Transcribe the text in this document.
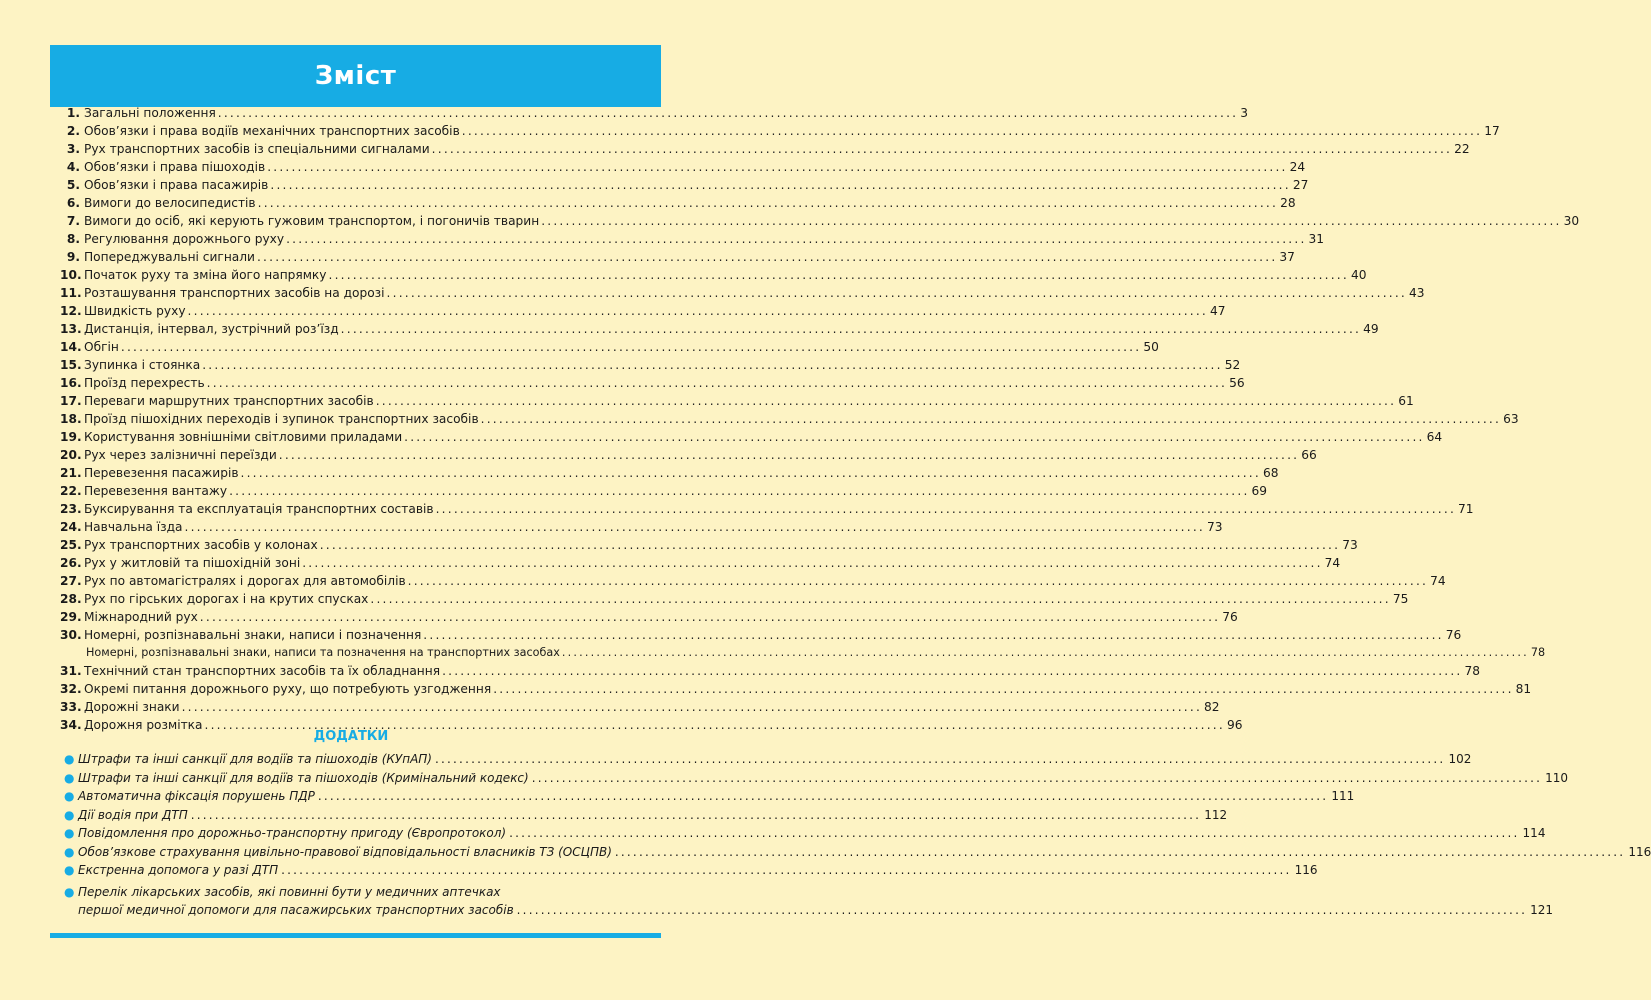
Зміст
1. Загальні положення .....	3
2. Обов’язки і права водіїв механічних транспортних засобів .....	17
3. Рух транспортних засобів із спеціальними сигналами .....	22
4. Обов’язки і права пішоходів .....	24
5. Обов’язки і права пасажирів .....	27
6. Вимоги до велосипедистів .....	28
7. Вимоги до осіб, які керують гужовим транспортом, і погоничів тварин .....	30
8. Регулювання дорожнього руху .....	31
9. Попереджувальні сигнали .....	37
10. Початок руху та зміна його напрямку .....	40
11. Розташування транспортних засобів на дорозі .....	43
12. Швидкість руху .....	47
13. Дистанція, інтервал, зустрічний роз’їзд .....	49
14. Обгін .....	50
15. Зупинка і стоянка .....	52
16. Проїзд перехресть .....	56
17. Переваги маршрутних транспортних засобів .....	61
18. Проїзд пішохідних переходів і зупинок транспортних засобів .....	63
19. Користування зовнішніми світловими приладами .....	64
20. Рух через залізничні переїзди .....	66
21. Перевезення пасажирів .....	68
22. Перевезення вантажу .....	69
23. Буксирування та експлуатація транспортних составів .....	71
24. Навчальна їзда .....	73
25. Рух транспортних засобів у колонах .....	73
26. Рух у житловій та пішохідній зоні .....	74
27. Рух по автомагістралях і дорогах для автомобілів .....	74
28. Рух по гірських дорогах і на крутих спусках .....	75
29. Міжнародний рух .....	76
30. Номерні, розпізнавальні знаки, написи і позначення .....	76
Номерні, розпізнавальні знаки, написи та позначення на транспортних засобах .....	78
31. Технічний стан транспортних засобів та їх обладнання .....	78
32. Окремі питання дорожнього руху, що потребують узгодження .....	81
33. Дорожні знаки .....	82
34. Дорожня розмітка .....	96
ДОДАТКИ
● Штрафи та інші санкції для водіїв та пішоходів (КУпАП) .....	102
● Штрафи та інші санкції для водіїв та пішоходів (Кримінальний кодекс) .....	110
● Автоматична фіксація порушень ПДР .....	111
● Дії водія при ДТП .....	112
● Повідомлення про дорожньо-транспортну пригоду (Європротокол) .....	114
● Обов’язкове страхування цивільно-правової відповідальності власників ТЗ (ОСЦПВ) .....	116
● Екстренна допомога у разі ДТП .....	116
● Перелік лікарських засобів, які повинні бути у медичних аптечках
першої медичної допомоги для пасажирських транспортних засобів .....	121
